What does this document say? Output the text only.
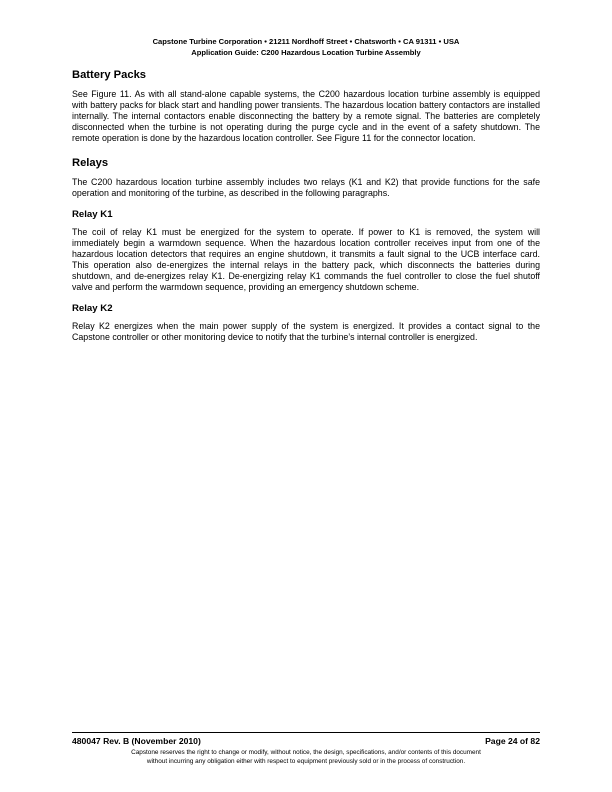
Capstone Turbine Corporation • 21211 Nordhoff Street • Chatsworth • CA 91311 • USA
Application Guide: C200 Hazardous Location Turbine Assembly
Battery Packs

See Figure 11. As with all stand-alone capable systems, the C200 hazardous location turbine assembly is equipped with battery packs for black start and handling power transients. The hazardous location battery contactors are installed internally. The internal contactors enable disconnecting the battery by a remote signal. The batteries are completely disconnected when the turbine is not operating during the purge cycle and in the event of a safety shutdown. The remote operation is done by the hazardous location controller. See Figure 11 for the connector location.

Relays

The C200 hazardous location turbine assembly includes two relays (K1 and K2) that provide functions for the safe operation and monitoring of the turbine, as described in the following paragraphs.

Relay K1

The coil of relay K1 must be energized for the system to operate. If power to K1 is removed, the system will immediately begin a warmdown sequence. When the hazardous location controller receives input from one of the hazardous location detectors that requires an engine shutdown, it transmits a fault signal to the UCB interface card. This operation also de-energizes the internal relays in the battery pack, which disconnects the batteries during shutdown, and de-energizes relay K1. De-energizing relay K1 commands the fuel controller to close the fuel shutoff valve and perform the warmdown sequence, providing an emergency shutdown scheme.

Relay K2

Relay K2 energizes when the main power supply of the system is energized. It provides a contact signal to the Capstone controller or other monitoring device to notify that the turbine’s internal controller is energized.

480047 Rev. B (November 2010)	Page 24 of 82
Capstone reserves the right to change or modify, without notice, the design, specifications, and/or contents of this document
without incurring any obligation either with respect to equipment previously sold or in the process of construction.
